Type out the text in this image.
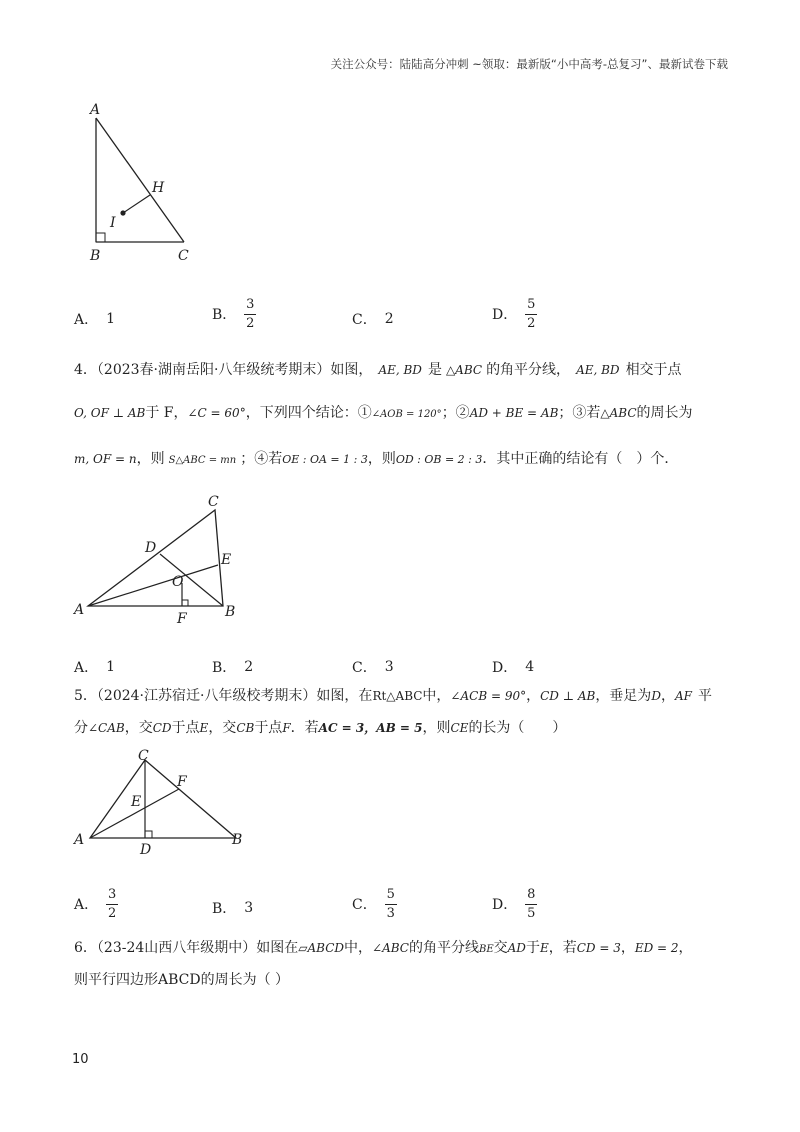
关注公众号：陆陆高分冲刺 ~领取：最新版“小中高考-总复习”、最新试卷下载
A
H
I
B	C
A． 1	B． $\frac{3}{2}$	C． 2	D． $\frac{5}{2}$
4．（2023春·湖南岳阳·八年级统考期末）如图， AE, BD 是 △ABC 的角平分线， AE, BD 相交于点
O, OF ⊥ AB于 F，∠C = 60°，下列四个结论：①∠AOB = 120°；②AD + BE = AB；③若△ABC的周长为
m, OF = n，则 S△ABC = mn ；④若OE : OA = 1 : 3，则OD : OB = 2 : 3．其中正确的结论有（　）个．
C
D
E
O
A
F	B
A． 1	B． 2	C． 3	D． 4
5．（2024·江苏宿迁·八年级校考期末）如图，在Rt△ABC中，∠ACB = 90°，CD ⊥ AB，垂足为D，AF 平
分∠CAB，交CD于点E，交CB于点F．若AC = 3，AB = 5，则CE的长为（　　）
C
E
F
A
D
B
A． $\frac{3}{2}$	B． 3	C． $\frac{5}{3}$	D． $\frac{8}{5}$
6．（23-24山西八年级期中）如图在▱ABCD中，∠ABC的角平分线BE交AD于E，若CD = 3，ED = 2，
则平行四边形ABCD的周长为（ ）
10
